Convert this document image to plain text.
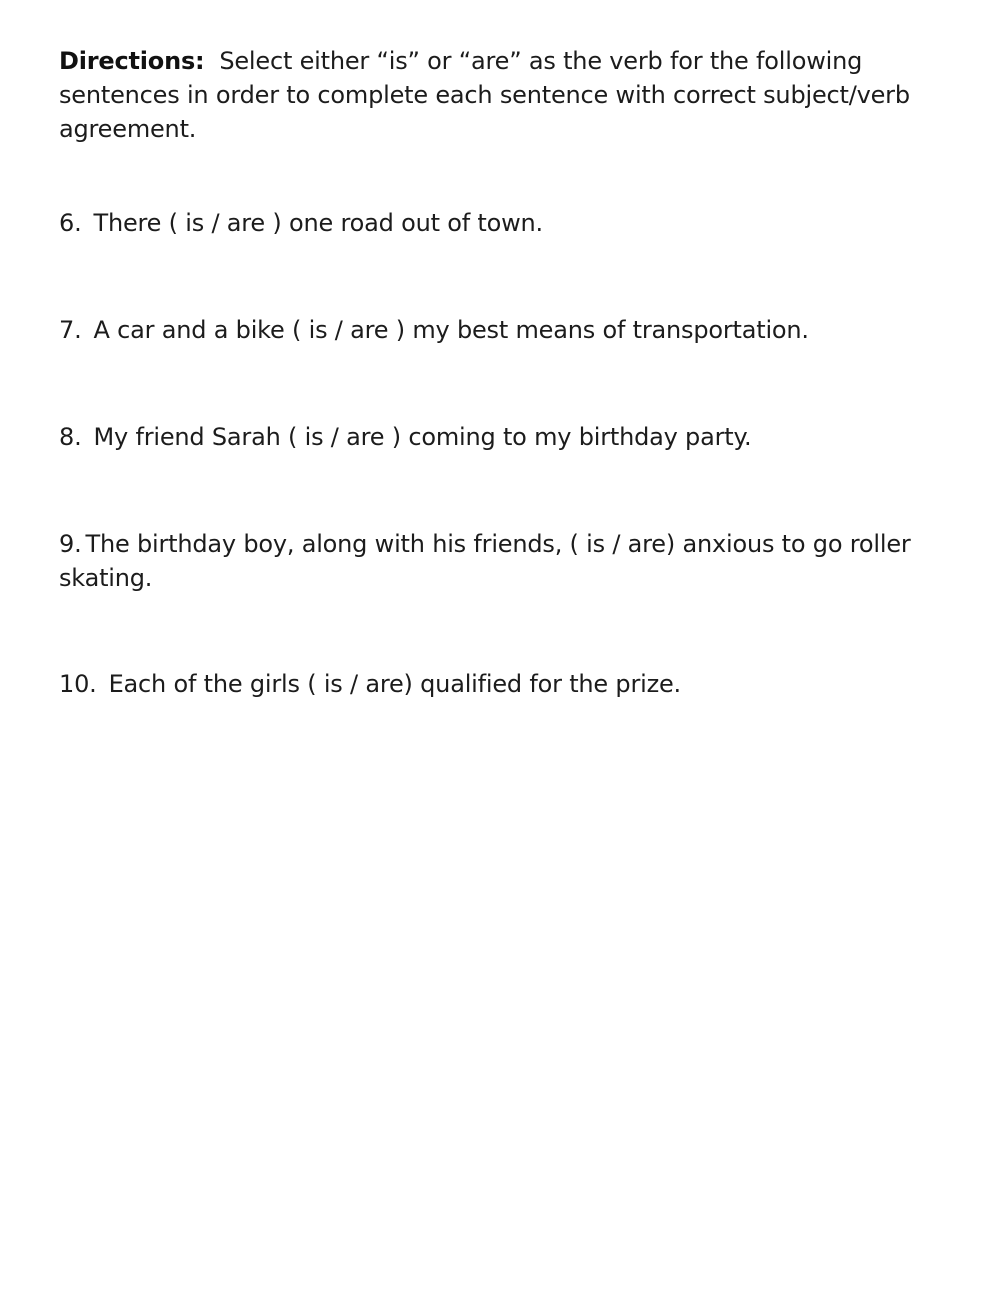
Directions: Select either “is” or “are” as the verb for the following sentences in order to complete each sentence with correct subject/verb agreement.
6. There ( is / are ) one road out of town.
7. A car and a bike ( is / are ) my best means of transportation.
8. My friend Sarah ( is / are ) coming to my birthday party.
9. The birthday boy, along with his friends, ( is / are) anxious to go roller skating.
10. Each of the girls ( is / are) qualified for the prize.
